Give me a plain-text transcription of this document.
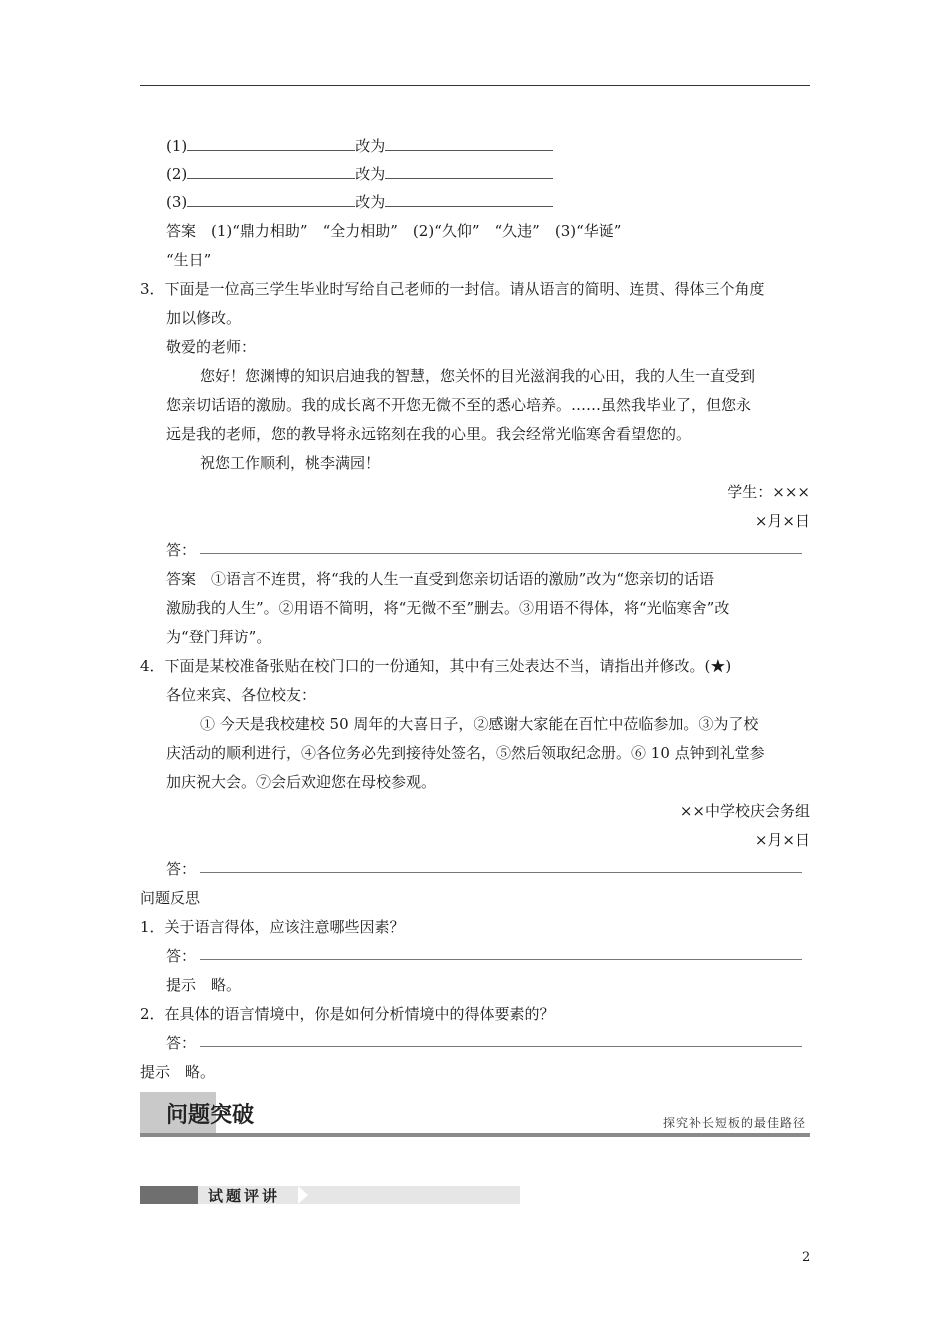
(1)	改为
(2)	改为
(3)	改为
答案　(1)“鼎力相助”　“全力相助”　(2)“久仰”　“久违”　(3)“华诞”
“生日”
3．下面是一位高三学生毕业时写给自己老师的一封信。请从语言的简明、连贯、得体三个角度
加以修改。
敬爱的老师：
您好！您渊博的知识启迪我的智慧，您关怀的目光滋润我的心田，我的人生一直受到
您亲切话语的激励。我的成长离不开您无微不至的悉心培养。……虽然我毕业了，但您永
远是我的老师，您的教导将永远铭刻在我的心里。我会经常光临寒舍看望您的。
祝您工作顺利，桃李满园！
学生：×××
×月×日
答：
答案　①语言不连贯，将“我的人生一直受到您亲切话语的激励”改为“您亲切的话语
激励我的人生”。②用语不简明，将“无微不至”删去。③用语不得体，将“光临寒舍”改
为“登门拜访”。
4．下面是某校准备张贴在校门口的一份通知，其中有三处表达不当，请指出并修改。(★)
各位来宾、各位校友：
① 今天是我校建校 50 周年的大喜日子，②感谢大家能在百忙中莅临参加。③为了校
庆活动的顺利进行，④各位务必先到接待处签名，⑤然后领取纪念册。⑥ 10 点钟到礼堂参
加庆祝大会。⑦会后欢迎您在母校参观。
××中学校庆会务组
×月×日
答：
问题反思
1．关于语言得体，应该注意哪些因素？
答：
提示　略。
2．在具体的语言情境中，你是如何分析情境中的得体要素的？
答：
提示　略。
问题突破	探究补长短板的最佳路径
试题评讲
2
